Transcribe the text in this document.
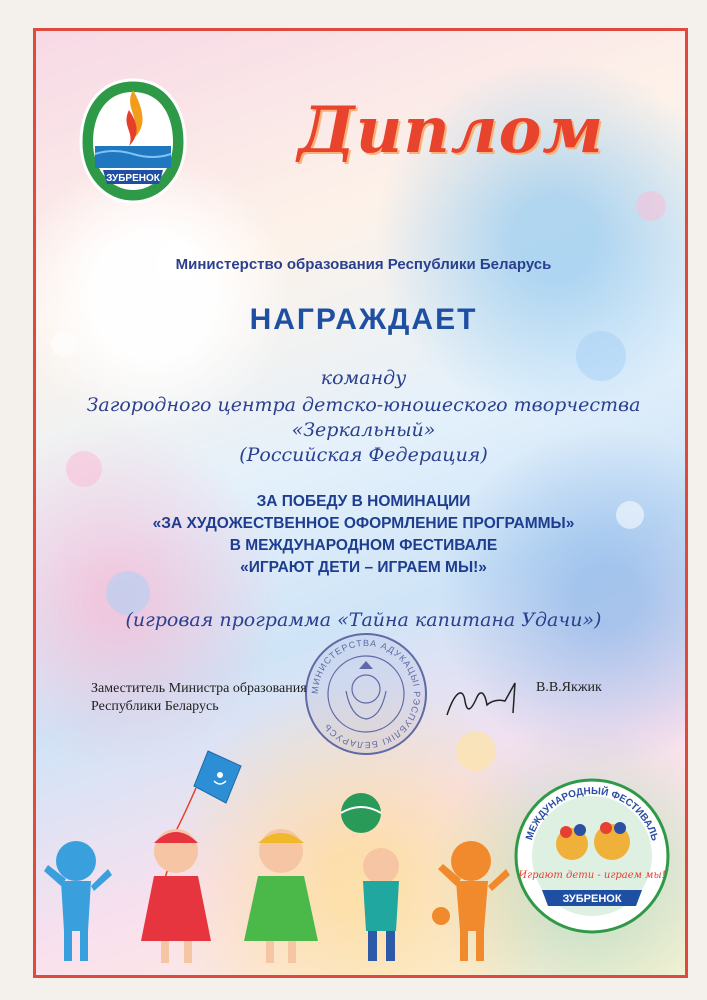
ЗУБРЕНОК
Диплом
Министерство образования Республики Беларусь
НАГРАЖДАЕТ
команду
Загородного центра детско-юношеского творчества
«Зеркальный»
(Российская Федерация)
ЗА ПОБЕДУ В НОМИНАЦИИ
«ЗА ХУДОЖЕСТВЕННОЕ ОФОРМЛЕНИЕ ПРОГРАММЫ»
В МЕЖДУНАРОДНОМ ФЕСТИВАЛЕ
«ИГРАЮТ ДЕТИ – ИГРАЕМ МЫ!»
(игровая программа «Тайна капитана Удачи»)
МИНИСТЕРСТВА АДУКАЦЫІ РЭСПУБЛІКІ БЕЛАРУСЬ
Заместитель Министра образования
Республики Беларусь
В.В.Якжик
МЕЖДУНАРОДНЫЙ ФЕСТИВАЛЬ
Играют дети - играем мы!
ЗУБРЕНОК
